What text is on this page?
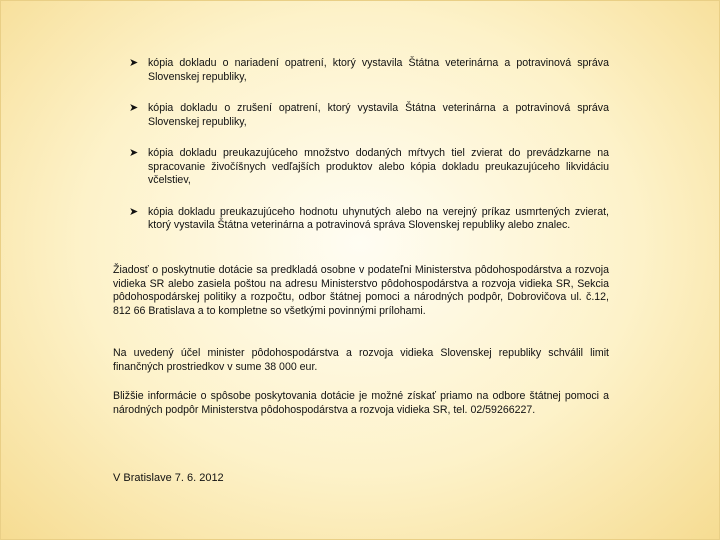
➤ kópia dokladu o nariadení opatrení, ktorý vystavila Štátna veterinárna a potravinová správa Slovenskej republiky,
➤ kópia dokladu o zrušení opatrení, ktorý vystavila Štátna veterinárna a potravinová správa Slovenskej republiky,
➤ kópia dokladu preukazujúceho množstvo dodaných mŕtvych tiel zvierat do prevádzkarne na spracovanie živočíšnych vedľajších produktov alebo kópia dokladu preukazujúceho likvidáciu včelstiev,
➤ kópia dokladu preukazujúceho hodnotu uhynutých alebo na verejný príkaz usmrtených zvierat, ktorý vystavila Štátna veterinárna a potravinová správa Slovenskej republiky alebo znalec.

Žiadosť o poskytnutie dotácie sa predkladá osobne v podateľni Ministerstva pôdohospodárstva a rozvoja vidieka SR alebo zasiela poštou na adresu Ministerstvo pôdohospodárstva a rozvoja vidieka SR, Sekcia pôdohospodárskej politiky a rozpočtu, odbor štátnej pomoci a národných podpôr, Dobrovičova ul. č.12, 812 66 Bratislava a to kompletne so všetkými povinnými prílohami.

Na uvedený účel minister pôdohospodárstva a rozvoja vidieka Slovenskej republiky schválil limit finančných prostriedkov v sume 38 000 eur.

Bližšie informácie o spôsobe poskytovania dotácie je možné získať priamo na odbore štátnej pomoci a národných podpôr Ministerstva pôdohospodárstva a rozvoja vidieka SR, tel. 02/59266227.

V Bratislave 7. 6. 2012
